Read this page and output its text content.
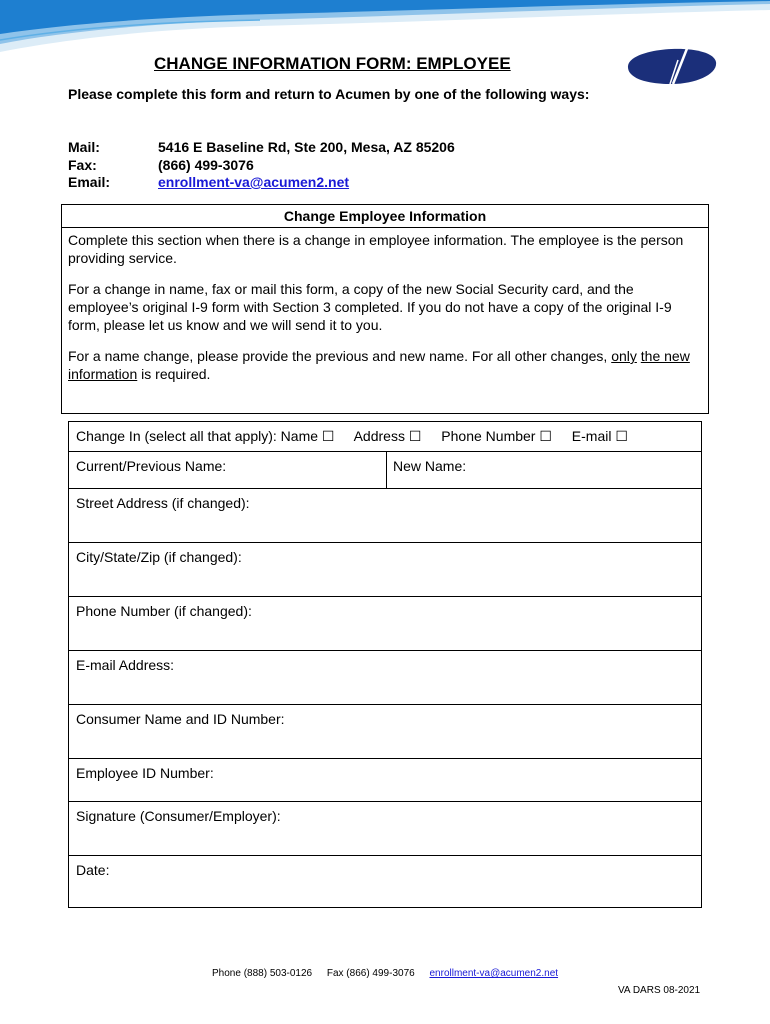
CHANGE INFORMATION FORM: EMPLOYEE
Please complete this form and return to Acumen by one of the following ways:
Mail:	5416 E Baseline Rd, Ste 200, Mesa, AZ 85206
Fax:	(866) 499-3076
Email:	enrollment-va@acumen2.net
Change Employee Information

Complete this section when there is a change in employee information. The employee is the person providing service.

For a change in name, fax or mail this form, a copy of the new Social Security card, and the employee’s original I-9 form with Section 3 completed. If you do not have a copy of the original I-9 form, please let us know and we will send it to you.

For a name change, please provide the previous and new name. For all other changes, only the new information is required.

Change In (select all that apply): Name ☐ Address ☐ Phone Number ☐ E-mail ☐
Current/Previous Name:	New Name:
Street Address (if changed):
City/State/Zip (if changed):
Phone Number (if changed):
E-mail Address:
Consumer Name and ID Number:
Employee ID Number:
Signature (Consumer/Employer):
Date:
Phone (888) 503-0126 Fax (866) 499-3076 enrollment-va@acumen2.net
VA DARS 08-2021
